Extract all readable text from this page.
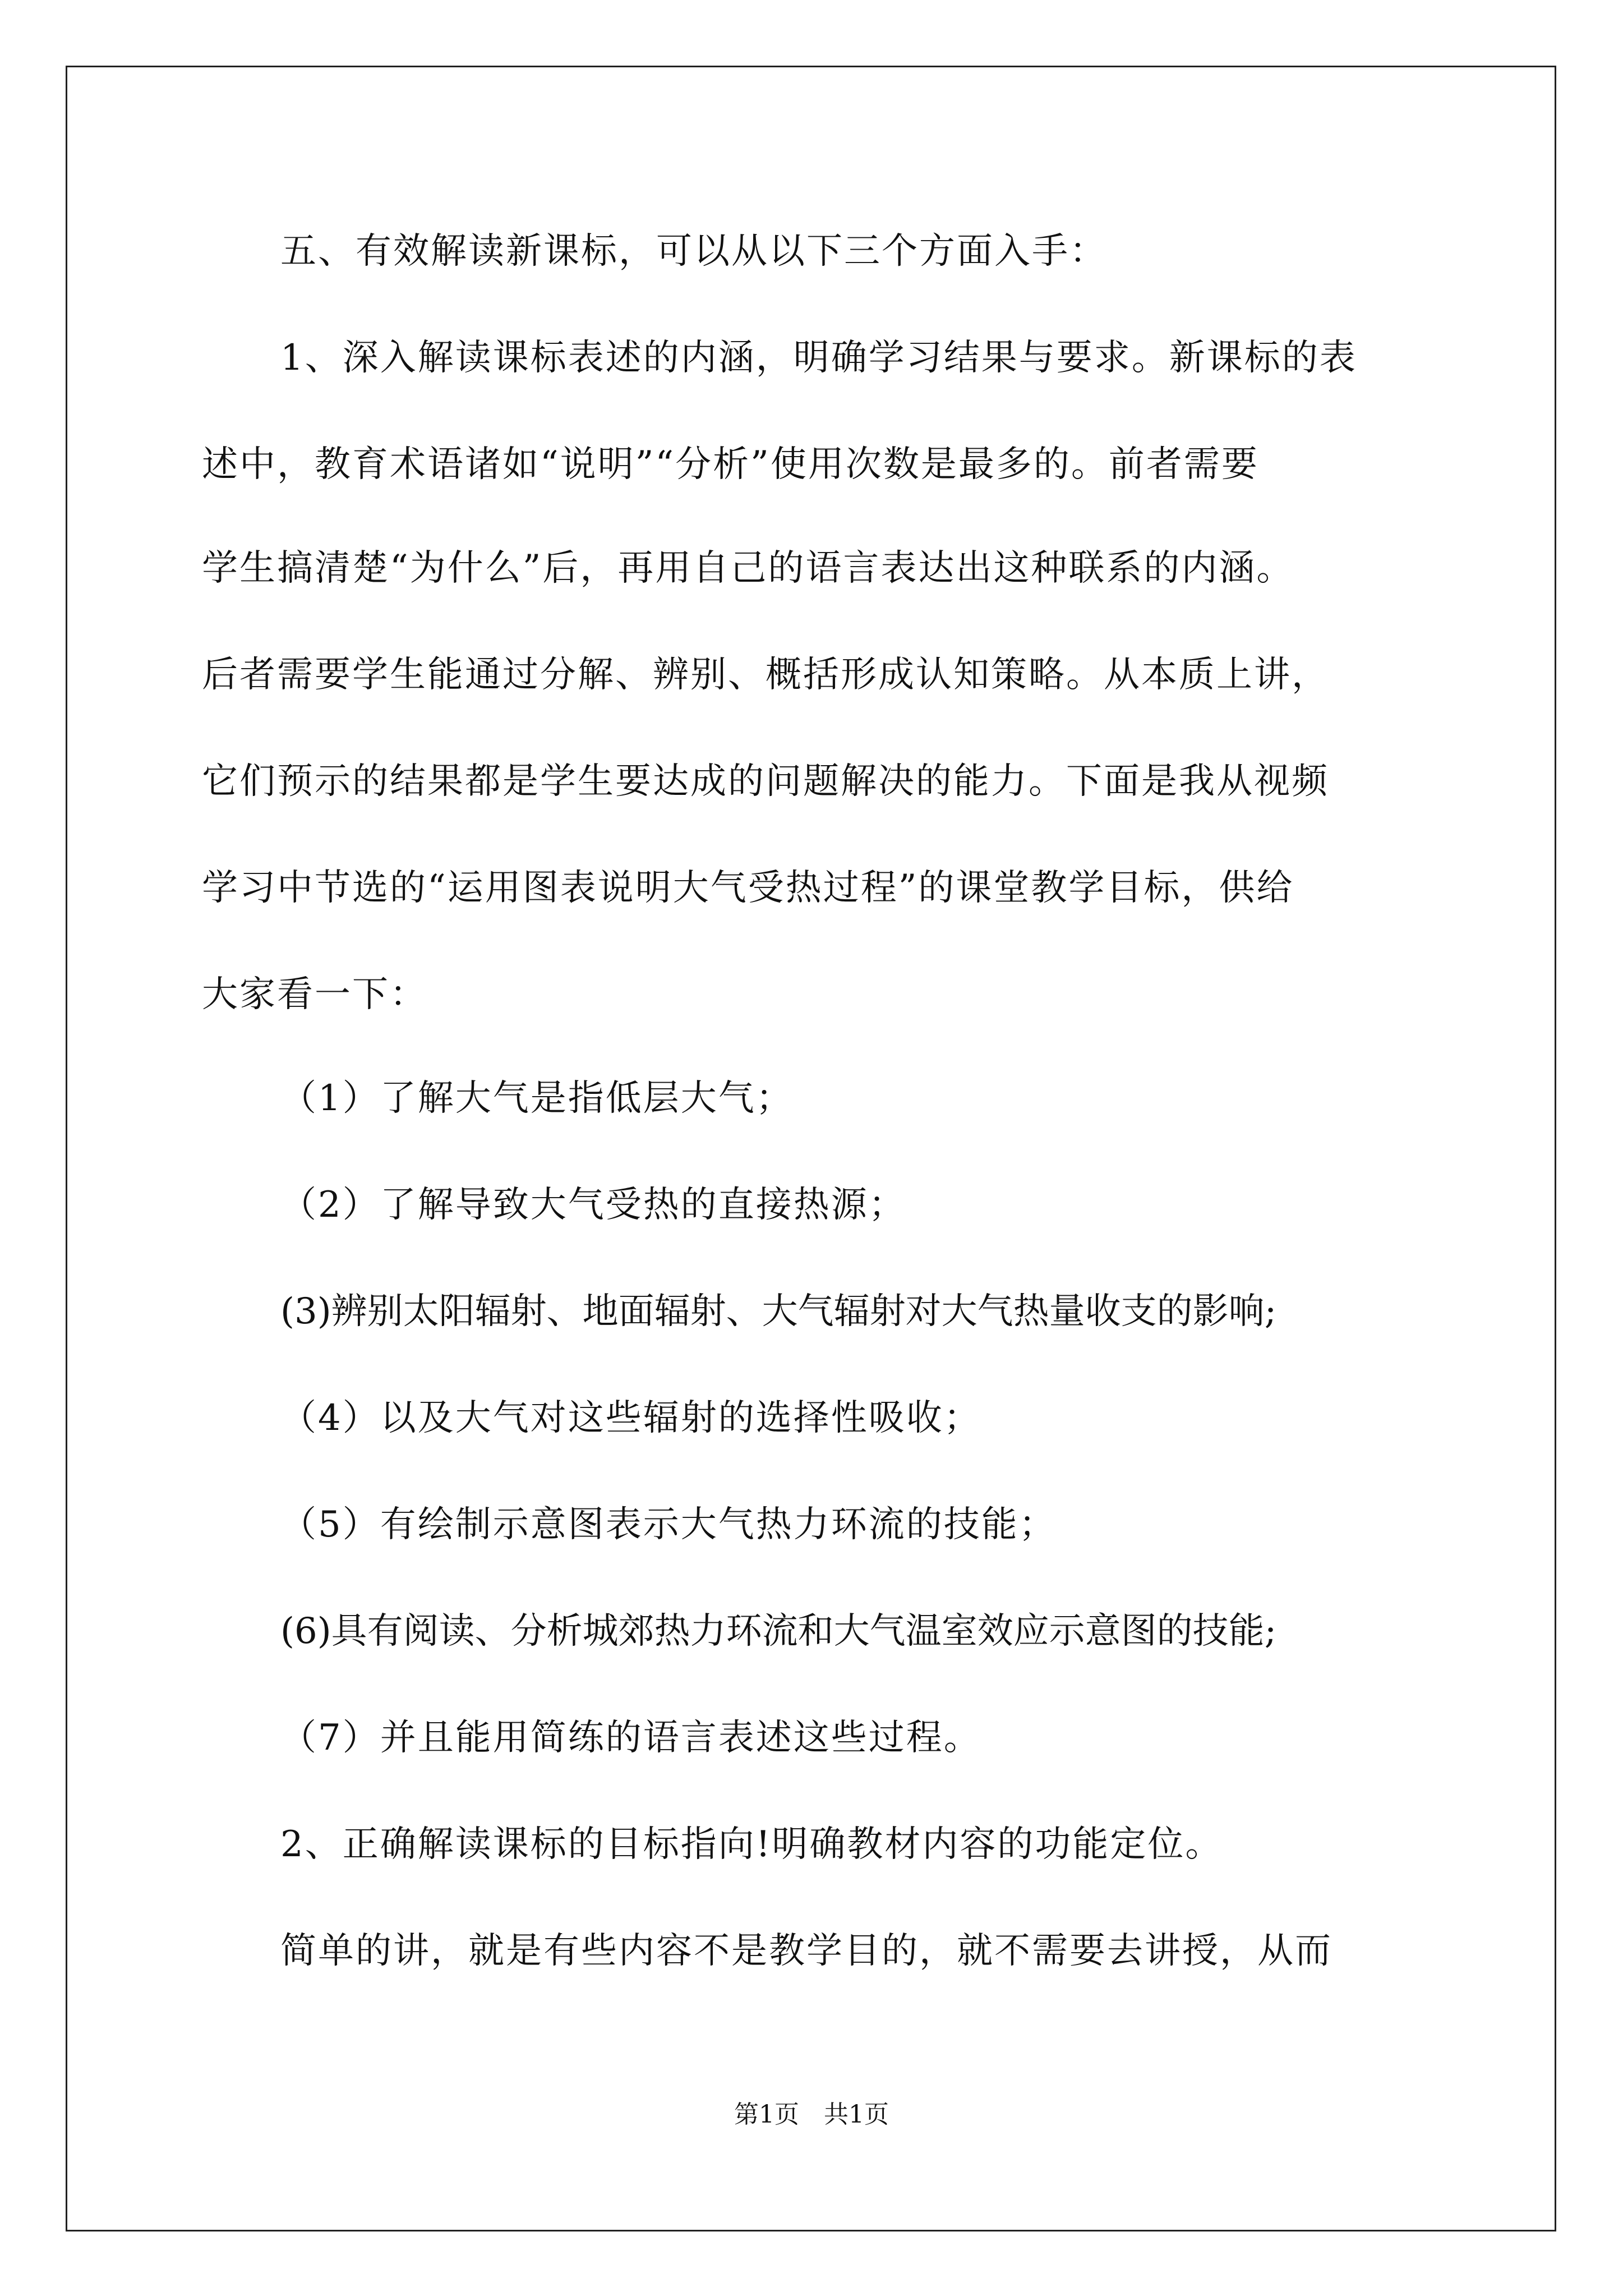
五、有效解读新课标，可以从以下三个方面入手：
1、深入解读课标表述的内涵，明确学习结果与要求。新课标的表
述中，教育术语诸如“说明”“分析”使用次数是最多的。前者需要
学生搞清楚“为什么”后，再用自己的语言表达出这种联系的内涵。
后者需要学生能通过分解、辨别、概括形成认知策略。从本质上讲，
它们预示的结果都是学生要达成的问题解决的能力。下面是我从视频
学习中节选的“运用图表说明大气受热过程”的课堂教学目标，供给
大家看一下：
（1）了解大气是指低层大气；
（2）了解导致大气受热的直接热源；
(3)辨别太阳辐射、地面辐射、大气辐射对大气热量收支的影响;
（4）以及大气对这些辐射的选择性吸收；
（5）有绘制示意图表示大气热力环流的技能；
(6)具有阅读、分析城郊热力环流和大气温室效应示意图的技能;
（7）并且能用简练的语言表述这些过程。
2、正确解读课标的目标指向!明确教材内容的功能定位。
简单的讲，就是有些内容不是教学目的，就不需要去讲授，从而
第1页　共1页
